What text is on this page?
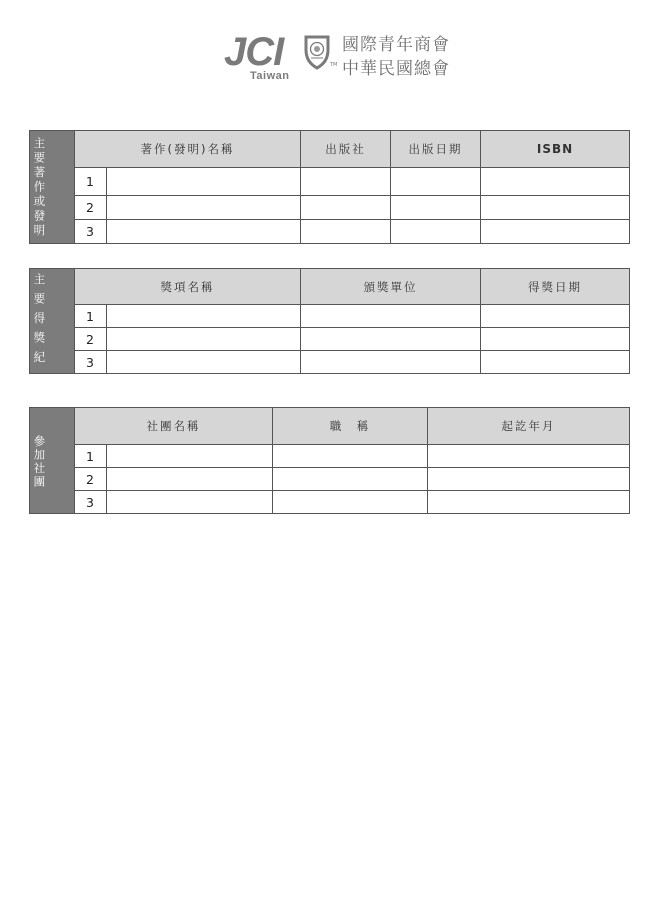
JCI
Taiwan
TM
國際青年商會
中華民國總會
主要著作或發明	著作(發明)名稱		出版社	出版日期	ISBN
	1				
	2				
	3				
主要得獎紀	獎項名稱		頒獎單位	得獎日期
	1			
	2			
	3			
參加社團	社團名稱		職　稱	起訖年月
	1			
	2			
	3			
